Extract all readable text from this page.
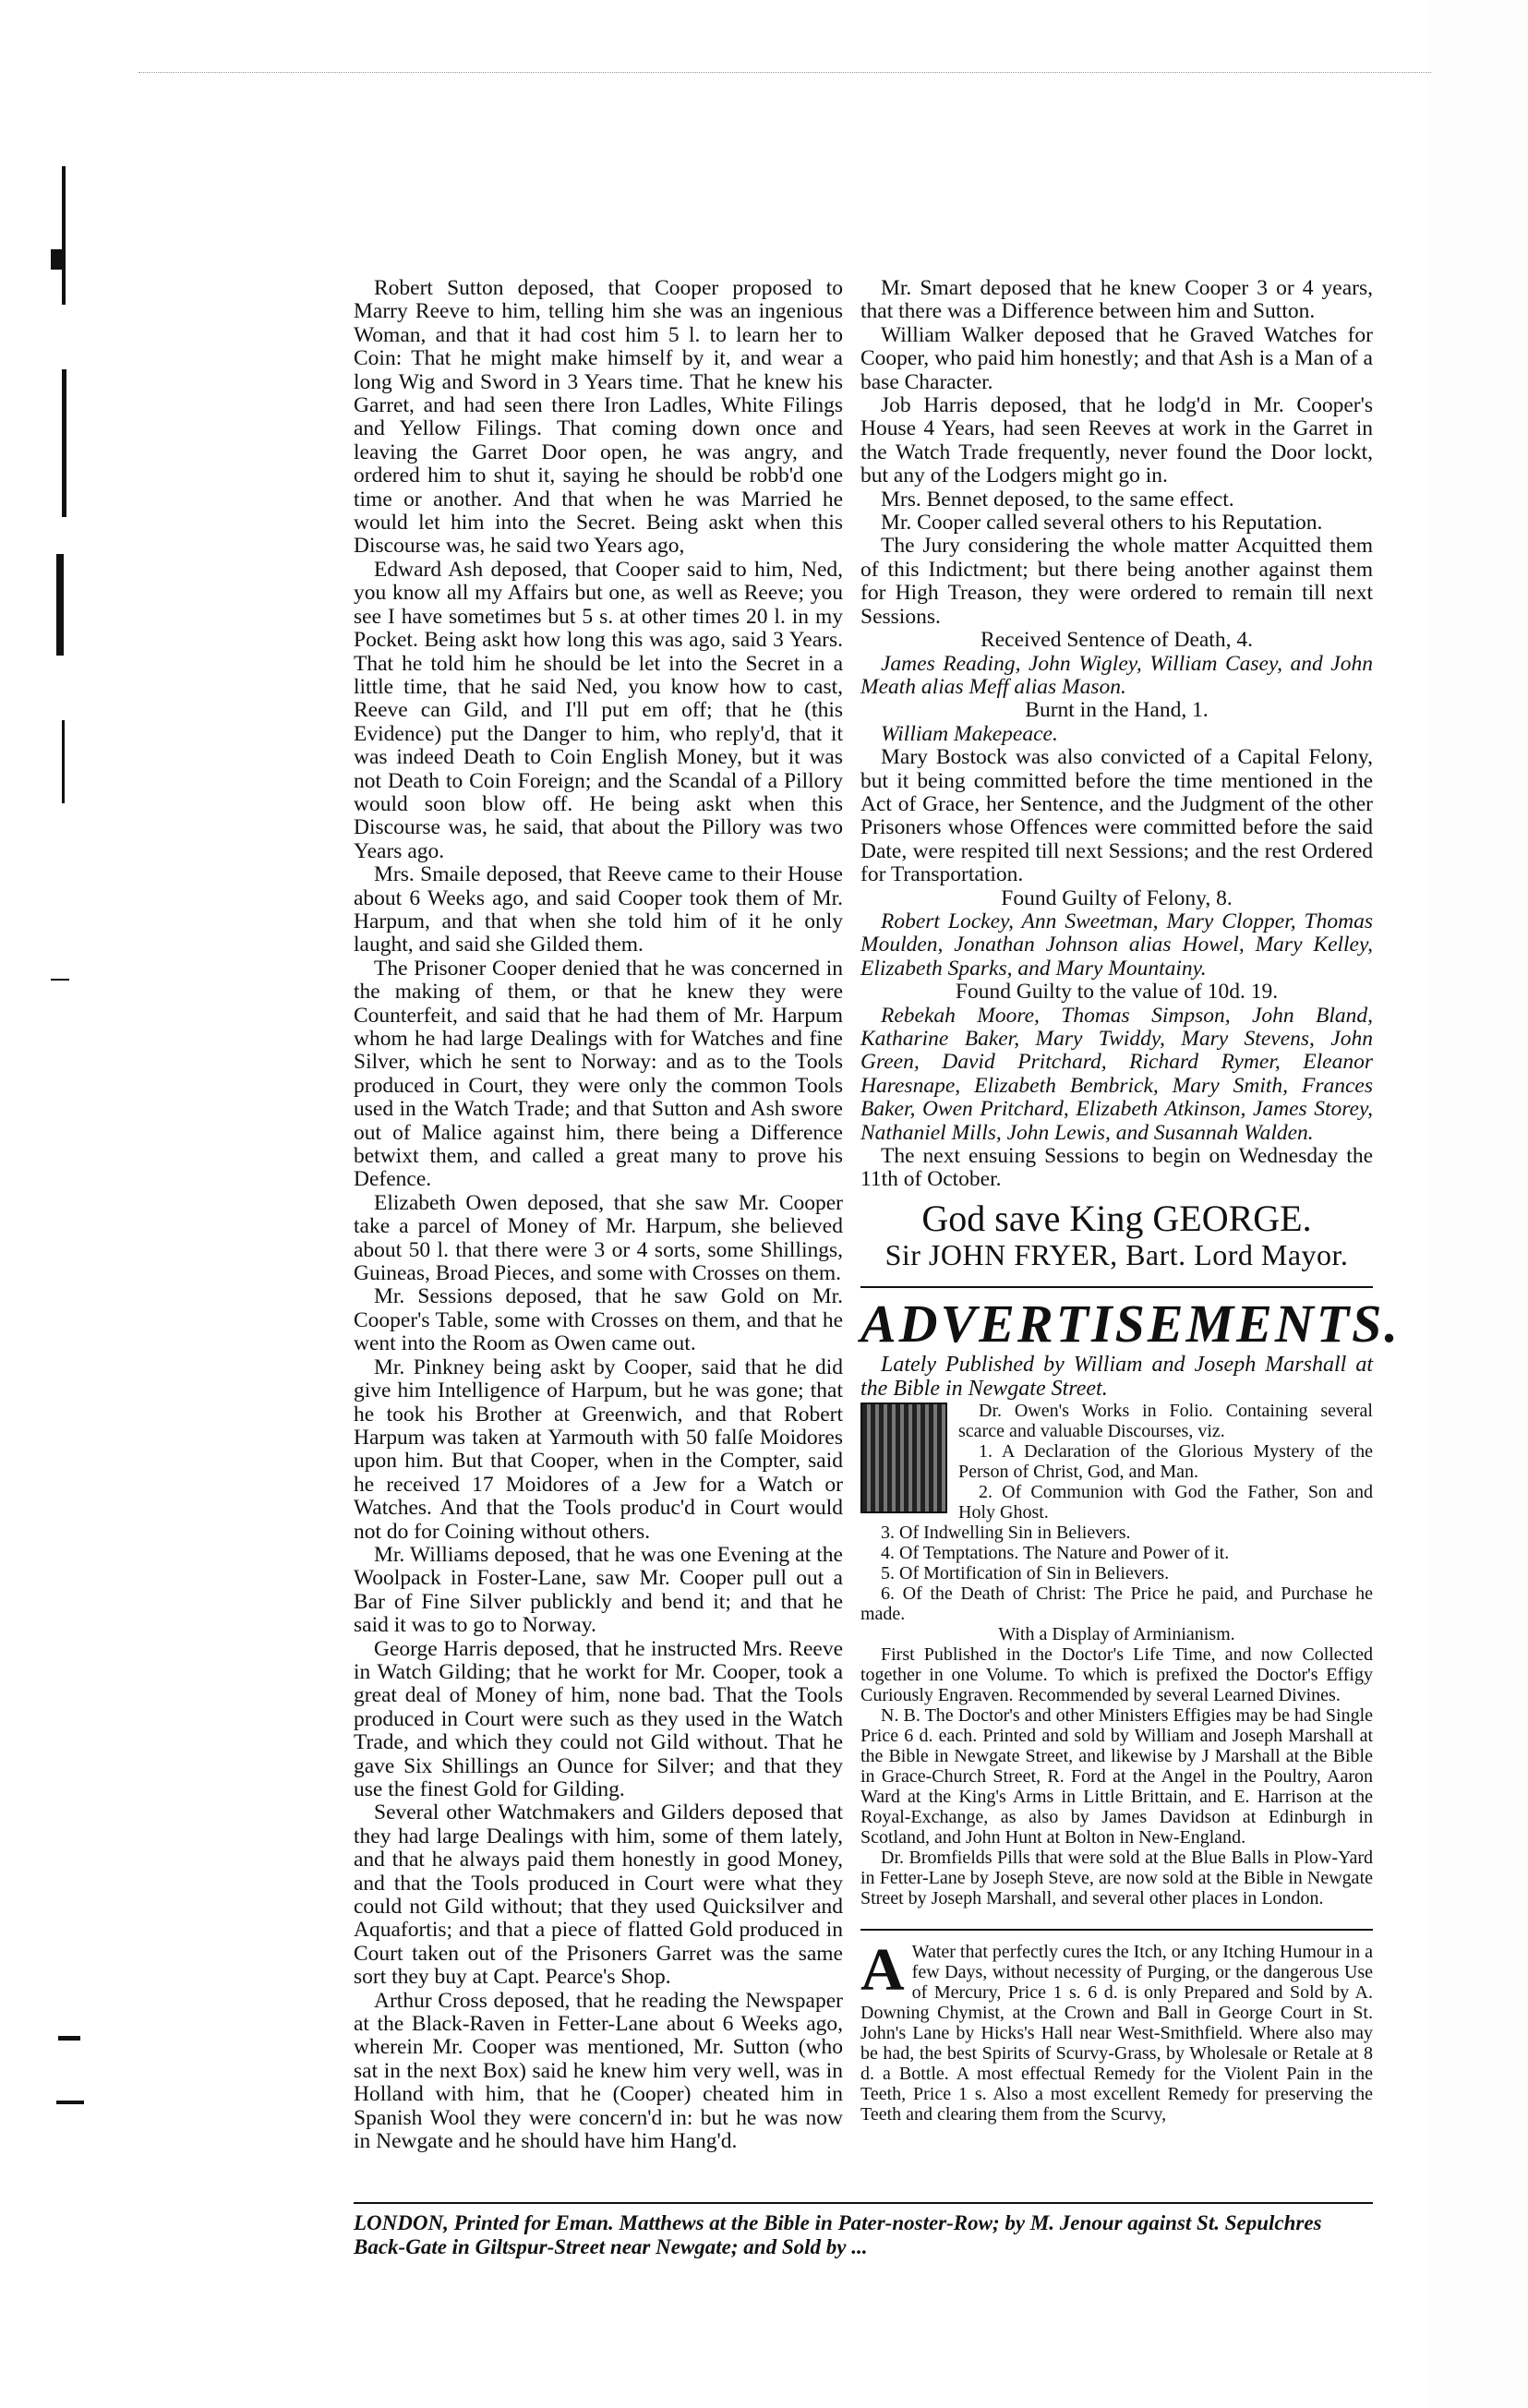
Robert Sutton deposed, that Cooper proposed to Marry Reeve to him, telling him she was an ingenious Woman, and that it had cost him 5 l. to learn her to Coin: That he might make himself by it, and wear a long Wig and Sword in 3 Years time. That he knew his Garret, and had seen there Iron Ladles, White Filings and Yellow Filings. That coming down once and leaving the Garret Door open, he was angry, and ordered him to shut it, saying he should be robb'd one time or another. And that when he was Married he would let him into the Secret. Being askt when this Discourse was, he said two Years ago,

Edward Ash deposed, that Cooper said to him, Ned, you know all my Affairs but one, as well as Reeve; you see I have sometimes but 5 s. at other times 20 l. in my Pocket. Being askt how long this was ago, said 3 Years. That he told him he should be let into the Secret in a little time, that he said Ned, you know how to cast, Reeve can Gild, and I'll put em off; that he (this Evidence) put the Danger to him, who reply'd, that it was indeed Death to Coin English Money, but it was not Death to Coin Foreign; and the Scandal of a Pillory would soon blow off. He being askt when this Discourse was, he said, that about the Pillory was two Years ago.

Mrs. Smaile deposed, that Reeve came to their House about 6 Weeks ago, and said Cooper took them of Mr. Harpum, and that when she told him of it he only laught, and said she Gilded them.

The Prisoner Cooper denied that he was concerned in the making of them, or that he knew they were Counterfeit, and said that he had them of Mr. Harpum whom he had large Dealings with for Watches and fine Silver, which he sent to Norway: and as to the Tools produced in Court, they were only the common Tools used in the Watch Trade; and that Sutton and Ash swore out of Malice against him, there being a Difference betwixt them, and called a great many to prove his Defence.

Elizabeth Owen deposed, that she saw Mr. Cooper take a parcel of Money of Mr. Harpum, she believed about 50 l. that there were 3 or 4 sorts, some Shillings, Guineas, Broad Pieces, and some with Crosses on them.

Mr. Sessions deposed, that he saw Gold on Mr. Cooper's Table, some with Crosses on them, and that he went into the Room as Owen came out.

Mr. Pinkney being askt by Cooper, said that he did give him Intelligence of Harpum, but he was gone; that he took his Brother at Greenwich, and that Robert Harpum was taken at Yarmouth with 50 falſe Moidores upon him. But that Cooper, when in the Compter, said he received 17 Moidores of a Jew for a Watch or Watches. And that the Tools produc'd in Court would not do for Coining without others.

Mr. Williams deposed, that he was one Evening at the Woolpack in Foster-Lane, saw Mr. Cooper pull out a Bar of Fine Silver publickly and bend it; and that he said it was to go to Norway.

George Harris deposed, that he instructed Mrs. Reeve in Watch Gilding; that he workt for Mr. Cooper, took a great deal of Money of him, none bad. That the Tools produced in Court were such as they used in the Watch Trade, and which they could not Gild without. That he gave Six Shillings an Ounce for Silver; and that they use the finest Gold for Gilding.

Several other Watchmakers and Gilders deposed that they had large Dealings with him, some of them lately, and that he always paid them honestly in good Money, and that the Tools produced in Court were what they could not Gild without; that they used Quicksilver and Aquafortis; and that a piece of flatted Gold produced in Court taken out of the Prisoners Garret was the same sort they buy at Capt. Pearce's Shop.

Arthur Cross deposed, that he reading the Newspaper at the Black-Raven in Fetter-Lane about 6 Weeks ago, wherein Mr. Cooper was mentioned, Mr. Sutton (who sat in the next Box) said he knew him very well, was in Holland with him, that he (Cooper) cheated him in Spanish Wool they were concern'd in: but he was now in Newgate and he should have him Hang'd.

Mr. Smart deposed that he knew Cooper 3 or 4 years, that there was a Difference between him and Sutton.

William Walker deposed that he Graved Watches for Cooper, who paid him honestly; and that Ash is a Man of a base Character.

Job Harris deposed, that he lodg'd in Mr. Cooper's House 4 Years, had seen Reeves at work in the Garret in the Watch Trade frequently, never found the Door lockt, but any of the Lodgers might go in.

Mrs. Bennet deposed, to the same effect.

Mr. Cooper called several others to his Reputation.

The Jury considering the whole matter Acquitted them of this Indictment; but there being another against them for High Treason, they were ordered to remain till next Sessions.

Received Sentence of Death, 4.

James Reading, John Wigley, William Casey, and John Meath alias Meff alias Mason.

Burnt in the Hand, 1.

William Makepeace.

Mary Bostock was also convicted of a Capital Felony, but it being committed before the time mentioned in the Act of Grace, her Sentence, and the Judgment of the other Prisoners whose Offences were committed before the said Date, were respited till next Sessions; and the rest Ordered for Transportation.

Found Guilty of Felony, 8.

Robert Lockey, Ann Sweetman, Mary Clopper, Thomas Moulden, Jonathan Johnson alias Howel, Mary Kelley, Elizabeth Sparks, and Mary Mountainy.

Found Guilty to the value of 10d. 19.

Rebekah Moore, Thomas Simpson, John Bland, Katharine Baker, Mary Twiddy, Mary Stevens, John Green, David Pritchard, Richard Rymer, Eleanor Haresnape, Elizabeth Bembrick, Mary Smith, Frances Baker, Owen Pritchard, Elizabeth Atkinson, James Storey, Nathaniel Mills, John Lewis, and Susannah Walden.

The next ensuing Sessions to begin on Wednesday the 11th of October.

God save King GEORGE.

Sir JOHN FRYER, Bart. Lord Mayor.

ADVERTISEMENTS.

Lately Published by William and Joseph Marshall at the Bible in Newgate Street.

Dr. Owen's Works in Folio. Containing several scarce and valuable Discourses, viz.

1. A Declaration of the Glorious Mystery of the Person of Christ, God, and Man.

2. Of Communion with God the Father, Son and Holy Ghost.

3. Of Indwelling Sin in Believers.

4. Of Temptations. The Nature and Power of it.

5. Of Mortification of Sin in Believers.

6. Of the Death of Christ: The Price he paid, and Purchase he made.

With a Display of Arminianism.

First Published in the Doctor's Life Time, and now Collected together in one Volume. To which is prefixed the Doctor's Effigy Curiously Engraven. Recommended by several Learned Divines.

N. B. The Doctor's and other Ministers Effigies may be had Single Price 6 d. each. Printed and sold by William and Joseph Marshall at the Bible in Newgate Street, and likewise by J Marshall at the Bible in Grace-Church Street, R. Ford at the Angel in the Poultry, Aaron Ward at the King's Arms in Little Brittain, and E. Harrison at the Royal-Exchange, as also by James Davidson at Edinburgh in Scotland, and John Hunt at Bolton in New-England.

Dr. Bromfields Pills that were sold at the Blue Balls in Plow-Yard in Fetter-Lane by Joseph Steve, are now sold at the Bible in Newgate Street by Joseph Marshall, and several other places in London.

A Water that perfectly cures the Itch, or any Itching Humour in a few Days, without necessity of Purging, or the dangerous Use of Mercury, Price 1 s. 6 d. is only Prepared and Sold by A. Downing Chymist, at the Crown and Ball in George Court in St. John's Lane by Hicks's Hall near West-Smithfield. Where also may be had, the best Spirits of Scurvy-Grass, by Wholesale or Retale at 8 d. a Bottle. A most effectual Remedy for the Violent Pain in the Teeth, Price 1 s. Also a most excellent Remedy for preserving the Teeth and clearing them from the Scurvy,
LONDON, Printed for Eman. Matthews at the Bible in Pater-noster-Row; by M. Jenour against St. Sepulchres Back-Gate in Giltspur-Street near Newgate; and Sold by ...
